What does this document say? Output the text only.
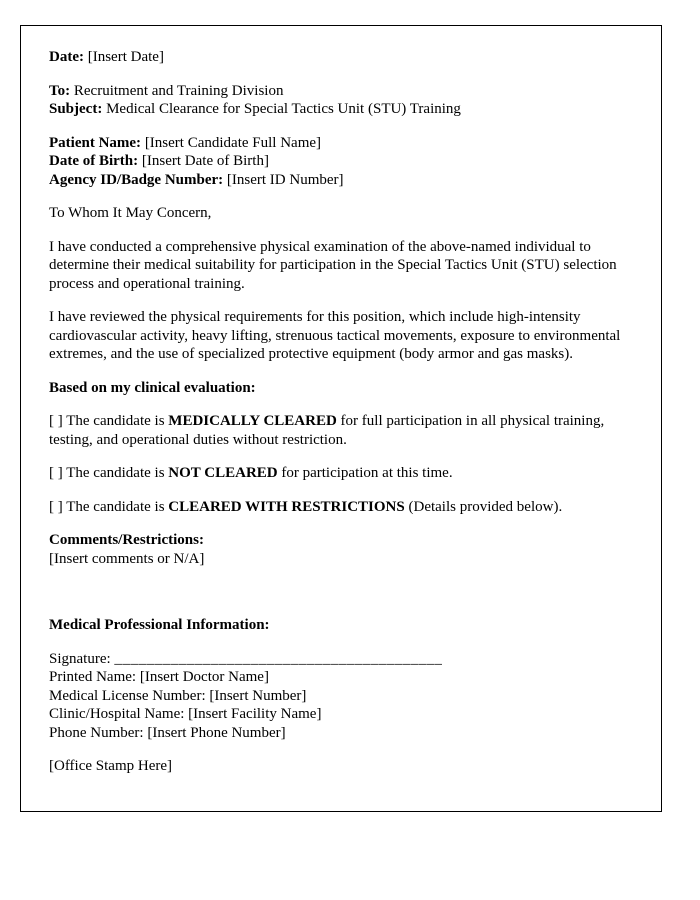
Date: [Insert Date]
To: Recruitment and Training Division
Subject: Medical Clearance for Special Tactics Unit (STU) Training
Patient Name: [Insert Candidate Full Name]
Date of Birth: [Insert Date of Birth]
Agency ID/Badge Number: [Insert ID Number]
To Whom It May Concern,
I have conducted a comprehensive physical examination of the above-named individual to determine their medical suitability for participation in the Special Tactics Unit (STU) selection process and operational training.
I have reviewed the physical requirements for this position, which include high-intensity cardiovascular activity, heavy lifting, strenuous tactical movements, exposure to environmental extremes, and the use of specialized protective equipment (body armor and gas masks).
Based on my clinical evaluation:
[ ] The candidate is MEDICALLY CLEARED for full participation in all physical training, testing, and operational duties without restriction.
[ ] The candidate is NOT CLEARED for participation at this time.
[ ] The candidate is CLEARED WITH RESTRICTIONS (Details provided below).
Comments/Restrictions:
[Insert comments or N/A]
Medical Professional Information:
Signature: _________________________________________
Printed Name: [Insert Doctor Name]
Medical License Number: [Insert Number]
Clinic/Hospital Name: [Insert Facility Name]
Phone Number: [Insert Phone Number]
[Office Stamp Here]
